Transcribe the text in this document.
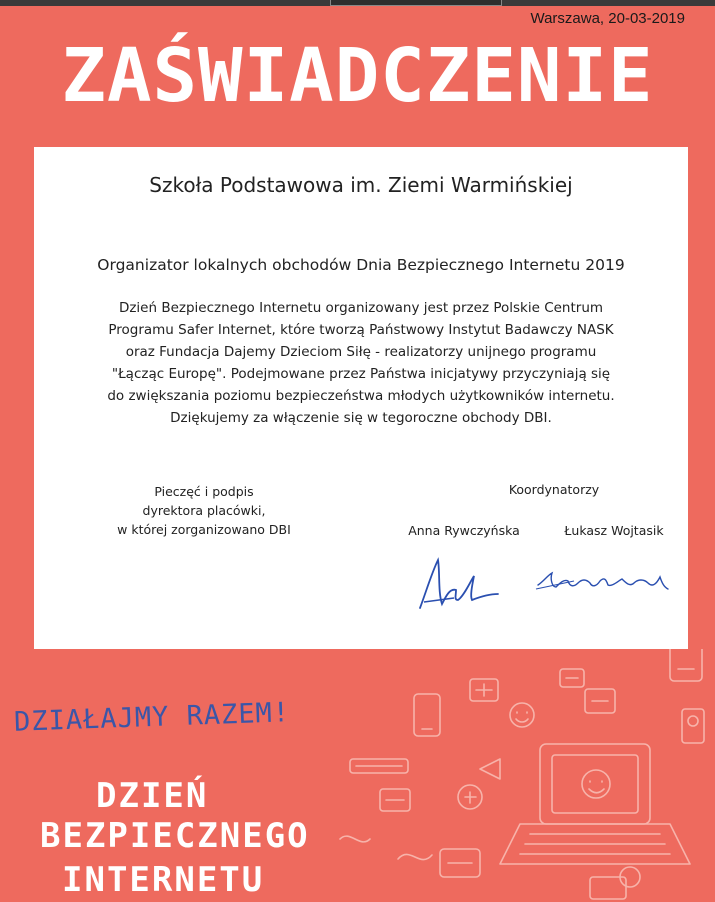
Warszawa, 20-03-2019
ZAŚWIADCZENIE
Szkoła Podstawowa im. Ziemi Warmińskiej
Organizator lokalnych obchodów Dnia Bezpiecznego Internetu 2019
Dzień Bezpiecznego Internetu organizowany jest przez Polskie Centrum
Programu Safer Internet, które tworzą Państwowy Instytut Badawczy NASK
oraz Fundacja Dajemy Dzieciom Siłę - realizatorzy unijnego programu
"Łącząc Europę". Podejmowane przez Państwa inicjatywy przyczyniają się
do zwiększania poziomu bezpieczeństwa młodych użytkowników internetu.
Dziękujemy za włączenie się w tegoroczne obchody DBI.
Pieczęć i podpis
dyrektora placówki,
w której zorganizowano DBI
Koordynatorzy
Anna Rywczyńska	Łukasz Wojtasik
DZIAŁAJMY RAZEM!
DZIEŃ
BEZPIECZNEGO
INTERNETU
